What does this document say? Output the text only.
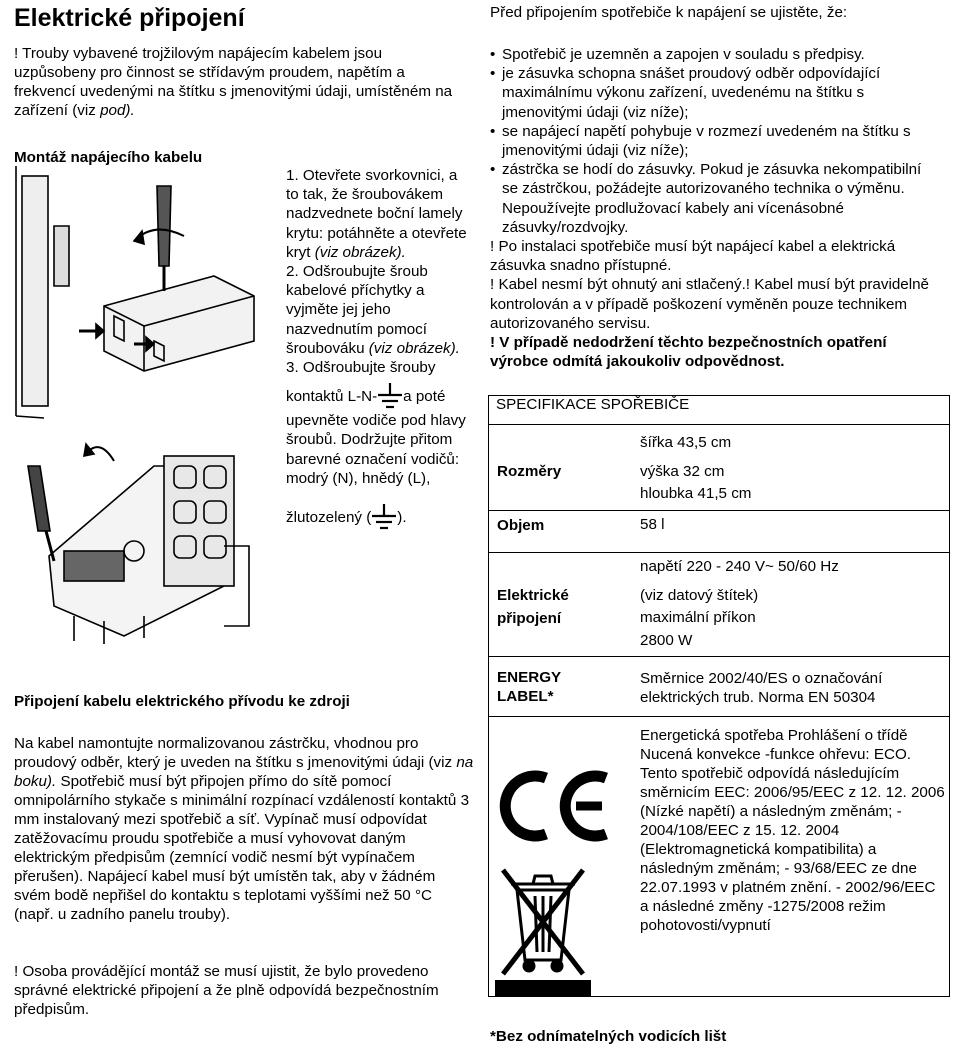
Elektrické připojení
! Trouby vybavené trojžilovým napájecím kabelem jsou uzpůsobeny pro činnost se střídavým proudem, napětím a frekvencí uvedenými na štítku s jmenovitými údaji, umístěném na zařízení (viz pod).
Montáž napájecího kabelu
1. Otevřete svorkovnici, a to tak, že šroubovákem nadzvednete boční lamely krytu: potáhněte a otevřete kryt (viz obrázek).
2. Odšroubujte šroub kabelové příchytky a vyjměte jej jeho nazvednutím pomocí šroubováku (viz obrázek).
3. Odšroubujte šrouby
kontaktů L-N- a poté upevněte vodiče pod hlavy šroubů. Dodržujte přitom barevné označení vodičů: modrý (N), hnědý (L),
žlutozelený ( ).
Připojení kabelu elektrického přívodu ke zdroji
Na kabel namontujte normalizovanou zástrčku, vhodnou pro proudový odběr, který je uveden na štítku s jmenovitými údaji (viz na boku). Spotřebič musí být připojen přímo do sítě pomocí omnipolárního stykače s minimální rozpínací vzdáleností kontaktů 3 mm instalovaný mezi spotřebič a síť. Vypínač musí odpovídat zatěžovacímu proudu spotřebiče a musí vyhovovat daným elektrickým předpisům (zemnící vodič nesmí být vypínačem přerušen). Napájecí kabel musí být umístěn tak, aby v žádném svém bodě nepřišel do kontaktu s teplotami vyššími než 50 °C (např. u zadního panelu trouby).
! Osoba provádějící montáž se musí ujistit, že bylo provedeno správné elektrické připojení a že plně odpovídá bezpečnostním předpisům.
Před připojením spotřebiče k napájení se ujistěte, že:
• Spotřebič je uzemněn a zapojen v souladu s předpisy.
• je zásuvka schopna snášet proudový odběr odpovídající maximálnímu výkonu zařízení, uvedenému na štítku s jmenovitými údaji (viz níže);
• se napájecí napětí pohybuje v rozmezí uvedeném na štítku s jmenovitými údaji (viz níže);
• zástrčka se hodí do zásuvky. Pokud je zásuvka nekompatibilní se zástrčkou, požádejte autorizovaného technika o výměnu. Nepoužívejte prodlužovací kabely ani vícenásobné zásuvky/rozdvojky.
! Po instalaci spotřebiče musí být napájecí kabel a elektrická zásuvka snadno přístupné.
! Kabel nesmí být ohnutý ani stlačený.! Kabel musí být pravidelně kontrolován a v případě poškození vyměněn pouze technikem autorizovaného servisu.
! V případě nedodržení těchto bezpečnostních opatření výrobce odmítá jakoukoliv odpovědnost.
SPECIFIKACE SPOŘEBIČE
Rozměry
šířka 43,5 cm
výška 32 cm
hloubka 41,5 cm
Objem	58 l
Elektrické
připojení
napětí 220 - 240 V~ 50/60 Hz
(viz datový štítek)
maximální příkon
2800 W
ENERGY
LABEL*
Směrnice 2002/40/ES o označování elektrických trub. Norma EN 50304
Energetická spotřeba Prohlášení o třídě Nucená konvekce -funkce ohřevu: ECO. Tento spotřebič odpovídá následujícím směrnicím EEC: 2006/95/EEC z 12. 12. 2006 (Nízké napětí) a následným změnám; - 2004/108/EEC z 15. 12. 2004 (Elektromagnetická kompatibilita) a následným změnám; - 93/68/EEC ze dne 22.07.1993 v platném znění. - 2002/96/EEC a následné změny -1275/2008 režim pohotovosti/vypnutí
*Bez odnímatelných vodicích lišt
